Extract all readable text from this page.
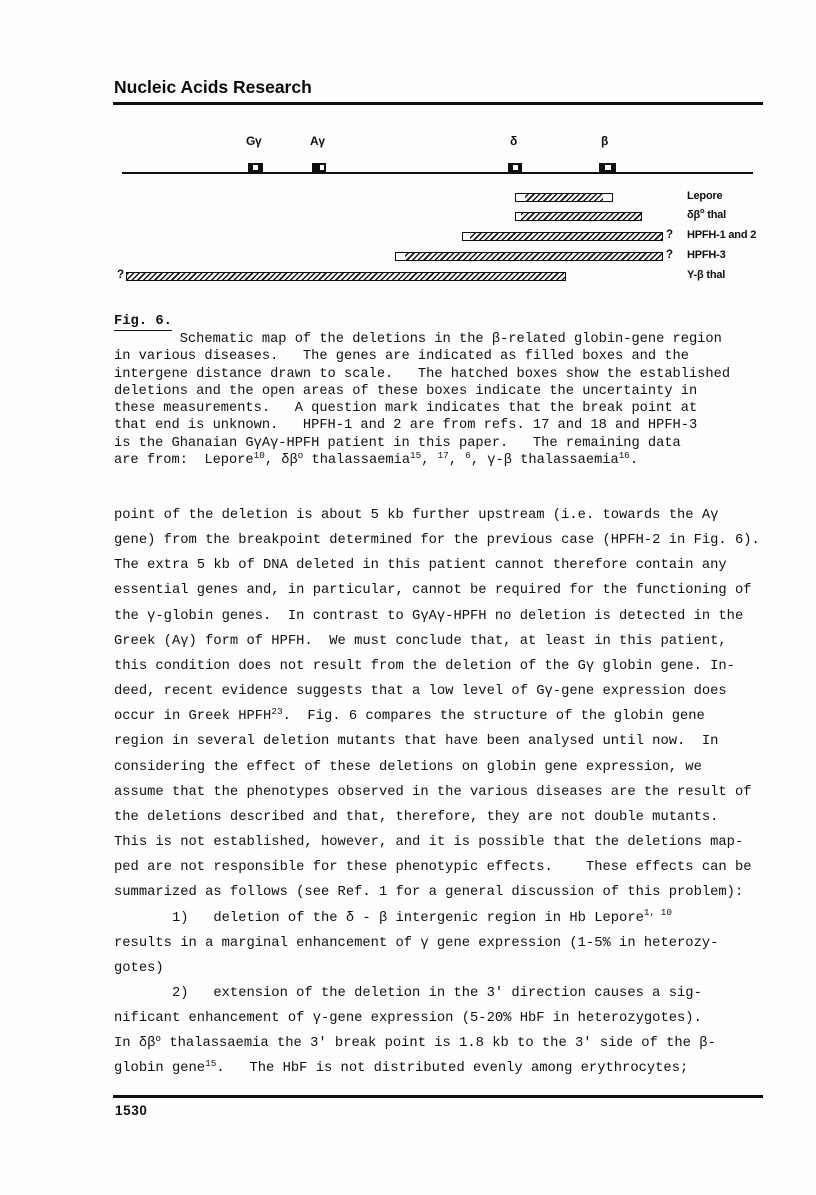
Nucleic Acids Research
Gγ	Aγ	δ	β
Lepore
$\delta\beta^o$ thal
? HPFH-1 and 2
? HPFH-3
?	Y-β thal
Fig. 6.
Schematic map of the deletions in the β-related globin-gene region
in various diseases.   The genes are indicated as filled boxes and the
intergene distance drawn to scale.   The hatched boxes show the established
deletions and the open areas of these boxes indicate the uncertainty in
these measurements.   A question mark indicates that the break point at
that end is unknown.   HPFH-1 and 2 are from refs. 17 and 18 and HPFH-3
is the Ghanaian GγAγ-HPFH patient in this paper.   The remaining data
are from:  Lepore$^{10}$, $\delta\beta^o$ thalassaemia$^{15}$, $^{17}$, $^6$, γ-β thalassaemia$^{16}$.
point of the deletion is about 5 kb further upstream (i.e. towards the Aγ
gene) from the breakpoint determined for the previous case (HPFH-2 in Fig. 6).
The extra 5 kb of DNA deleted in this patient cannot therefore contain any
essential genes and, in particular, cannot be required for the functioning of
the γ-globin genes.  In contrast to GγAγ-HPFH no deletion is detected in the
Greek (Aγ) form of HPFH.  We must conclude that, at least in this patient,
this condition does not result from the deletion of the Gγ globin gene. In-
deed, recent evidence suggests that a low level of Gγ-gene expression does
occur in Greek HPFH$^{23}$.  Fig. 6 compares the structure of the globin gene
region in several deletion mutants that have been analysed until now.  In
considering the effect of these deletions on globin gene expression, we
assume that the phenotypes observed in the various diseases are the result of
the deletions described and that, therefore, they are not double mutants.
This is not established, however, and it is possible that the deletions map-
ped are not responsible for these phenotypic effects.    These effects can be
summarized as follows (see Ref. 1 for a general discussion of this problem):
1)   deletion of the δ - β intergenic region in Hb Lepore$^{1, 10}$
results in a marginal enhancement of γ gene expression (1-5% in heterozy-
gotes)
2)   extension of the deletion in the 3' direction causes a sig-
nificant enhancement of γ-gene expression (5-20% HbF in heterozygotes).
In $\delta\beta^o$ thalassaemia the 3' break point is 1.8 kb to the 3' side of the β-
globin gene$^{15}$.   The HbF is not distributed evenly among erythrocytes;
1530
